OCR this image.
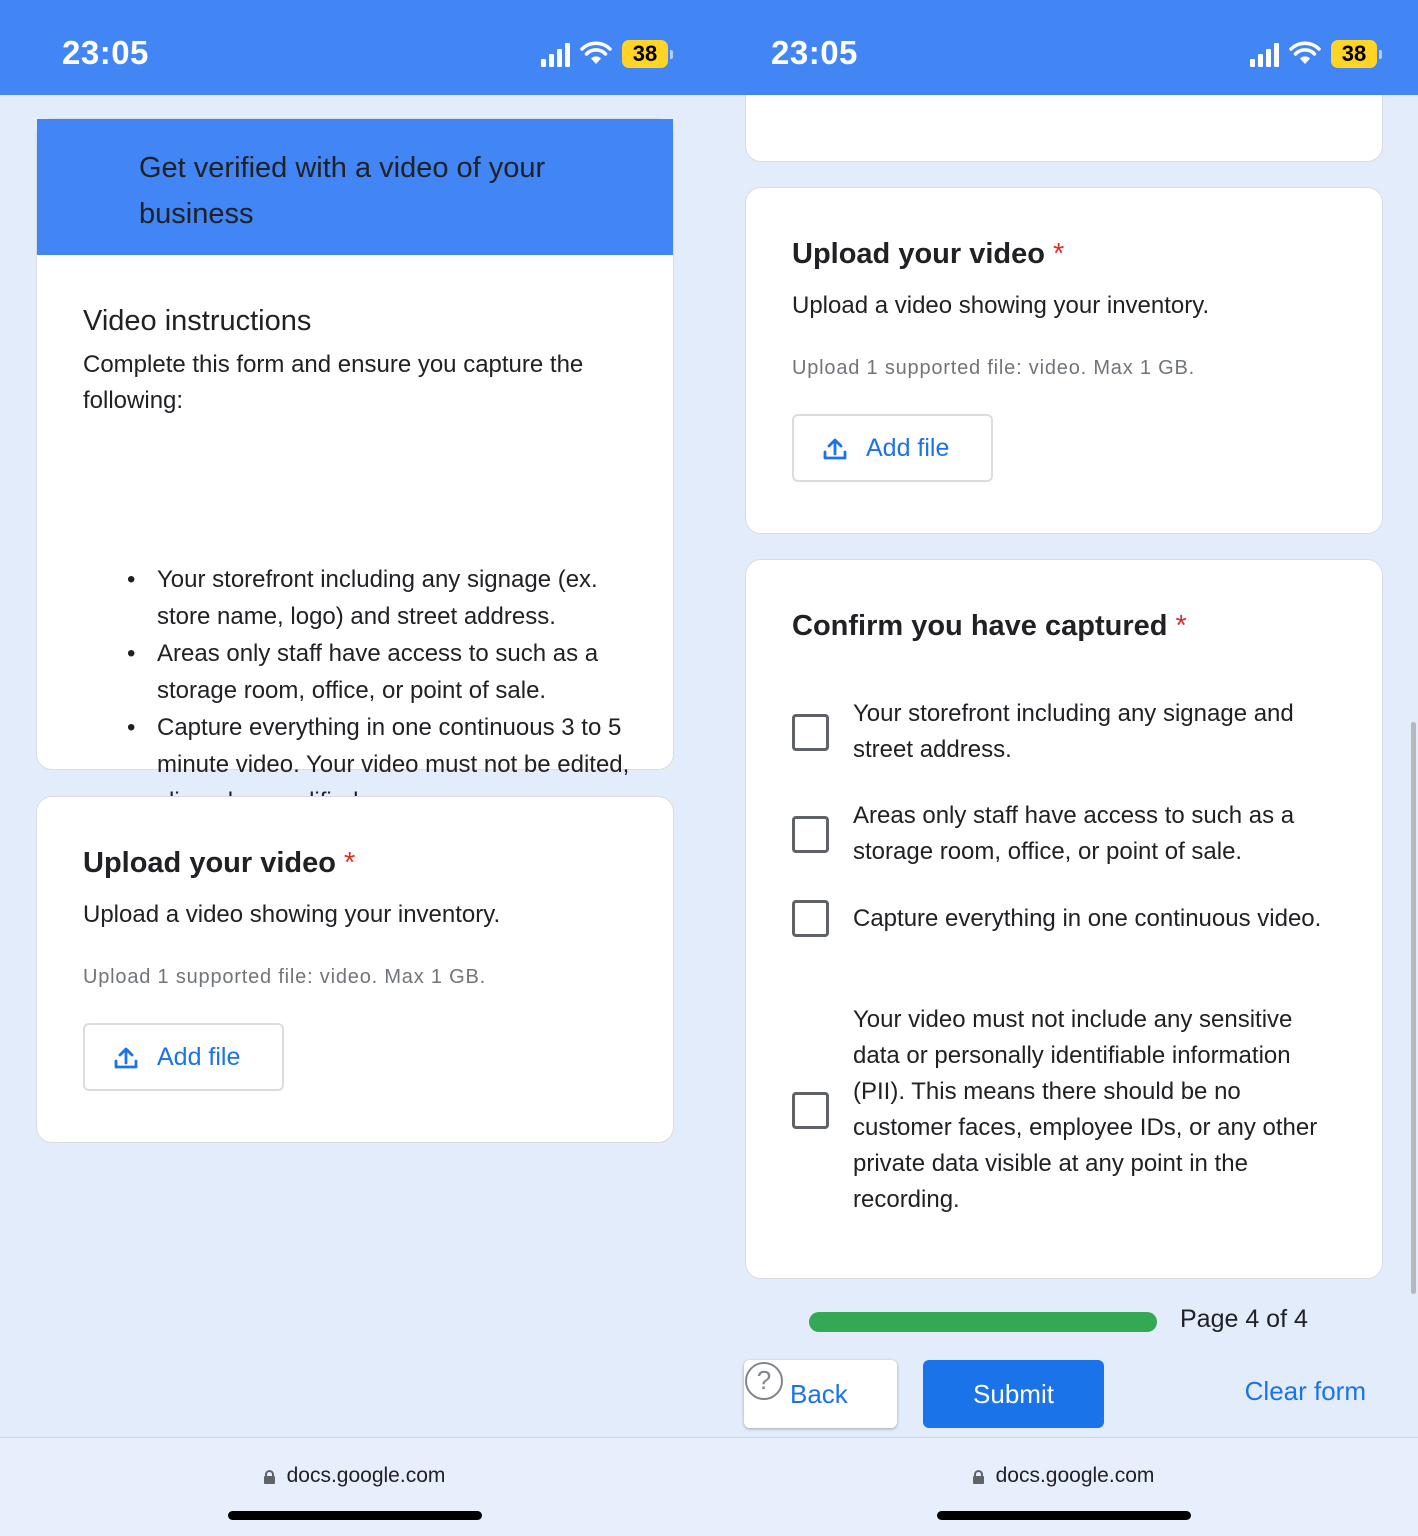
23:05	38
Get verified with a video of your business
Video instructions
Complete this form and ensure you capture the following:
• Your storefront including any signage (ex. store name, logo) and street address.
• Areas only staff have access to such as a storage room, office, or point of sale.
• Capture everything in one continuous 3 to 5 minute video. Your video must not be edited,
Upload your video *
Upload a video showing your inventory.
Upload 1 supported file: video. Max 1 GB.
Add file
docs.google.com
23:05	38
Upload your video *
Upload a video showing your inventory.
Upload 1 supported file: video. Max 1 GB.
Add file
Confirm you have captured *
Your storefront including any signage and street address.
Areas only staff have access to such as a storage room, office, or point of sale.
Capture everything in one continuous video.
Your video must not include any sensitive data or personally identifiable information (PII). This means there should be no customer faces, employee IDs, or any other private data visible at any point in the recording.
Page 4 of 4
Back
?	Submit	Clear form
docs.google.com
